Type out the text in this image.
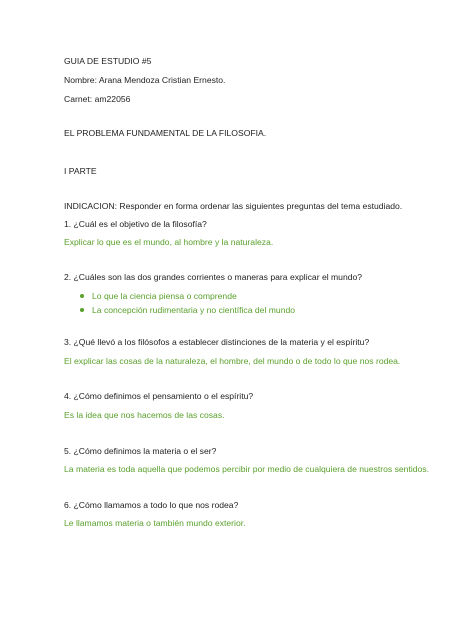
GUIA DE ESTUDIO #5
Nombre: Arana Mendoza Cristian Ernesto.
Carnet: am22056
EL PROBLEMA FUNDAMENTAL DE LA FILOSOFIA.
I PARTE
INDICACION: Responder en forma ordenar las siguientes preguntas del tema estudiado.
1. ¿Cuál es el objetivo de la filosofía?
Explicar lo que es el mundo, al hombre y la naturaleza.
2. ¿Cuáles son las dos grandes corrientes o maneras para explicar el mundo?
Lo que la ciencia piensa o comprende
La concepción rudimentaria y no científica del mundo
3. ¿Qué llevó a los filósofos a establecer distinciones de la materia y el espíritu?
El explicar las cosas de la naturaleza, el hombre, del mundo o de todo lo que nos rodea.
4. ¿Cómo definimos el pensamiento o el espíritu?
Es la idea que nos hacemos de las cosas.
5. ¿Cómo definimos la materia o el ser?
La materia es toda aquella que podemos percibir por medio de cualquiera de nuestros sentidos.
6. ¿Cómo llamamos a todo lo que nos rodea?
Le llamamos materia o también mundo exterior.
